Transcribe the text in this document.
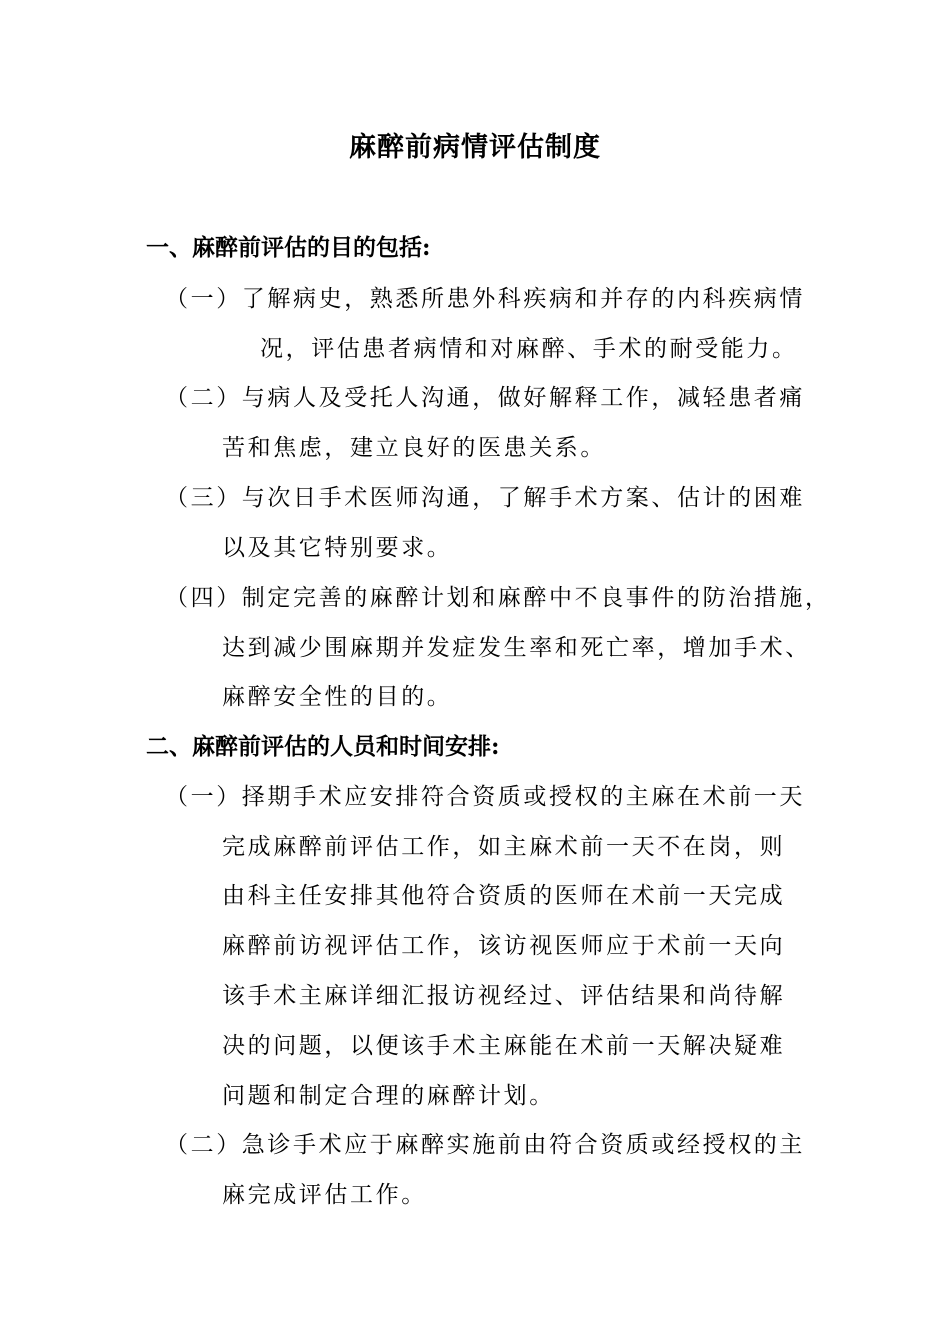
麻醉前病情评估制度
一、麻醉前评估的目的包括:
（一）了解病史，熟悉所患外科疾病和并存的内科疾病情
况，评估患者病情和对麻醉、手术的耐受能力。
（二）与病人及受托人沟通，做好解释工作，减轻患者痛
苦和焦虑，建立良好的医患关系。
（三）与次日手术医师沟通，了解手术方案、估计的困难
以及其它特别要求。
（四）制定完善的麻醉计划和麻醉中不良事件的防治措施，
达到减少围麻期并发症发生率和死亡率，增加手术、
麻醉安全性的目的。
二、麻醉前评估的人员和时间安排:
（一）择期手术应安排符合资质或授权的主麻在术前一天
完成麻醉前评估工作，如主麻术前一天不在岗，则
由科主任安排其他符合资质的医师在术前一天完成
麻醉前访视评估工作，该访视医师应于术前一天向
该手术主麻详细汇报访视经过、评估结果和尚待解
决的问题，以便该手术主麻能在术前一天解决疑难
问题和制定合理的麻醉计划。
（二）急诊手术应于麻醉实施前由符合资质或经授权的主
麻完成评估工作。
